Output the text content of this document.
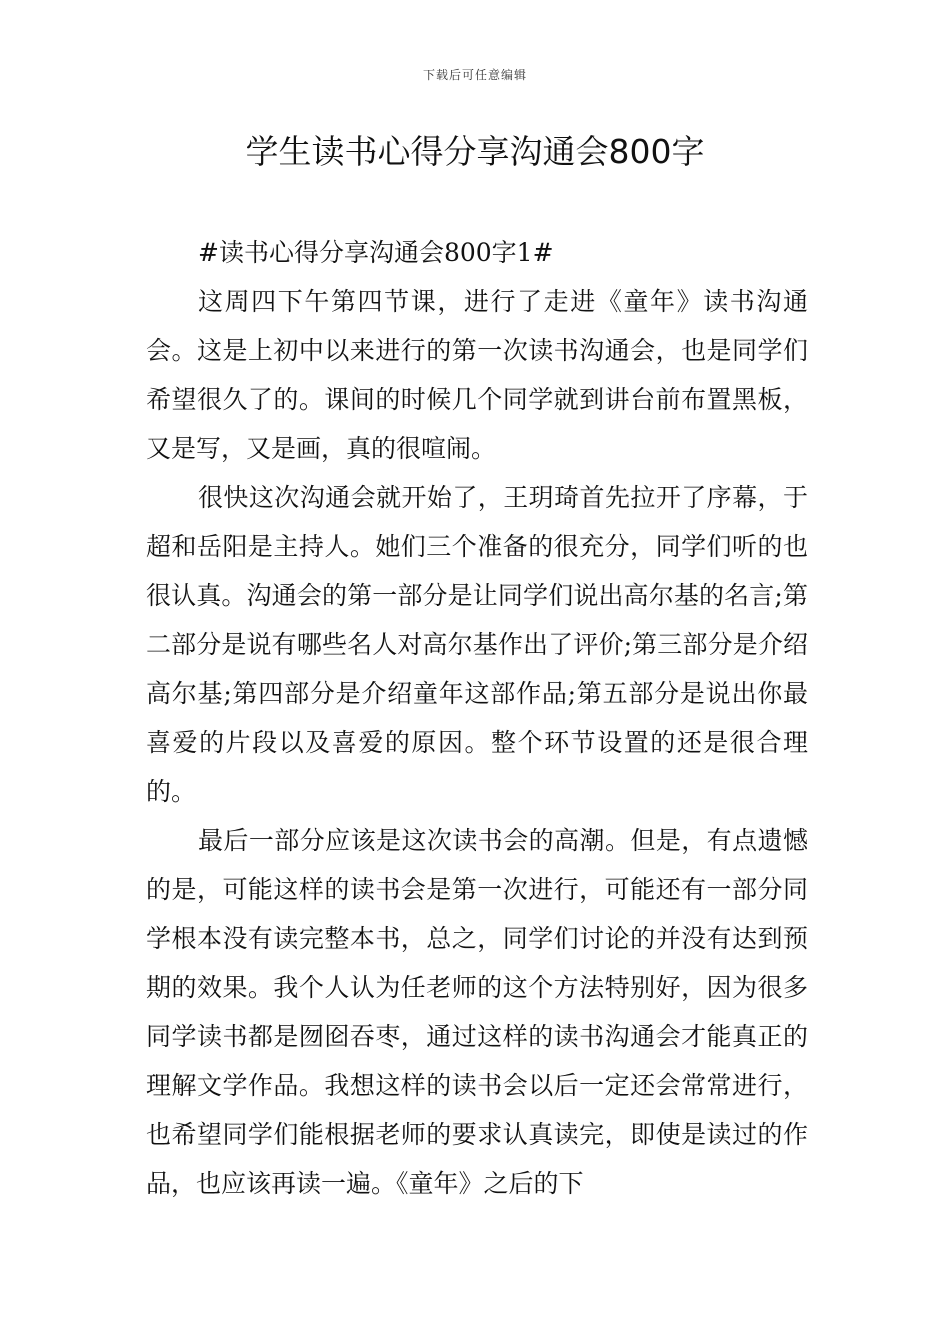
下载后可任意编辑
学生读书心得分享沟通会800字

#读书心得分享沟通会800字1#

这周四下午第四节课，进行了走进《童年》读书沟通会。这是上初中以来进行的第一次读书沟通会，也是同学们希望很久了的。课间的时候几个同学就到讲台前布置黑板，又是写，又是画，真的很喧闹。

很快这次沟通会就开始了，王玥琦首先拉开了序幕，于超和岳阳是主持人。她们三个准备的很充分，同学们听的也很认真。沟通会的第一部分是让同学们说出高尔基的名言;第二部分是说有哪些名人对高尔基作出了评价;第三部分是介绍高尔基;第四部分是介绍童年这部作品;第五部分是说出你最喜爱的片段以及喜爱的原因。整个环节设置的还是很合理的。

最后一部分应该是这次读书会的高潮。但是，有点遗憾的是，可能这样的读书会是第一次进行，可能还有一部分同学根本没有读完整本书，总之，同学们讨论的并没有达到预期的效果。我个人认为任老师的这个方法特别好，因为很多同学读书都是囫囵吞枣，通过这样的读书沟通会才能真正的理解文学作品。我想这样的读书会以后一定还会常常进行，也希望同学们能根据老师的要求认真读完，即使是读过的作品，也应该再读一遍。《童年》之后的下
